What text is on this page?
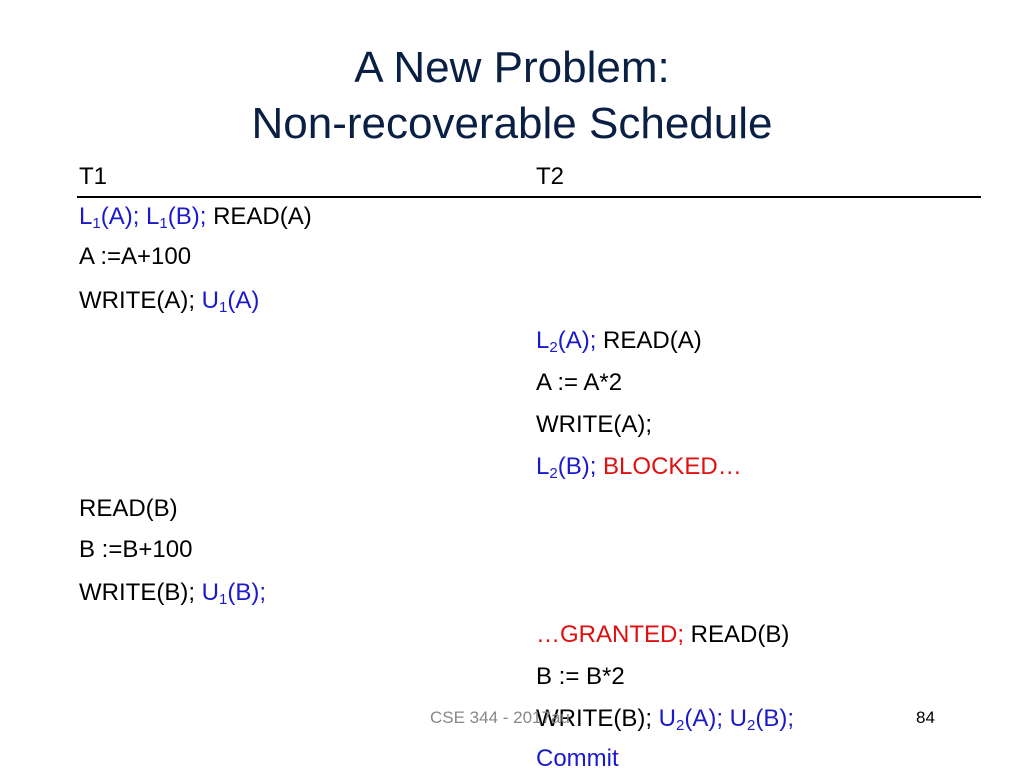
A New Problem:
Non-recoverable Schedule
T1	T2
$L_1(A)$; $L_1(B)$; READ(A)
A :=A+100
WRITE(A); $U_1(A)$
$L_2(A)$; READ(A)
A := A*2
WRITE(A);
$L_2(B)$; BLOCKED…
READ(B)
B :=B+100
WRITE(B); $U_1(B)$;
…GRANTED; READ(B)
B := B*2
WRITE(B); $U_2(A)$; $U_2(B)$;
Commit
CSE 344 - 2017au	84
